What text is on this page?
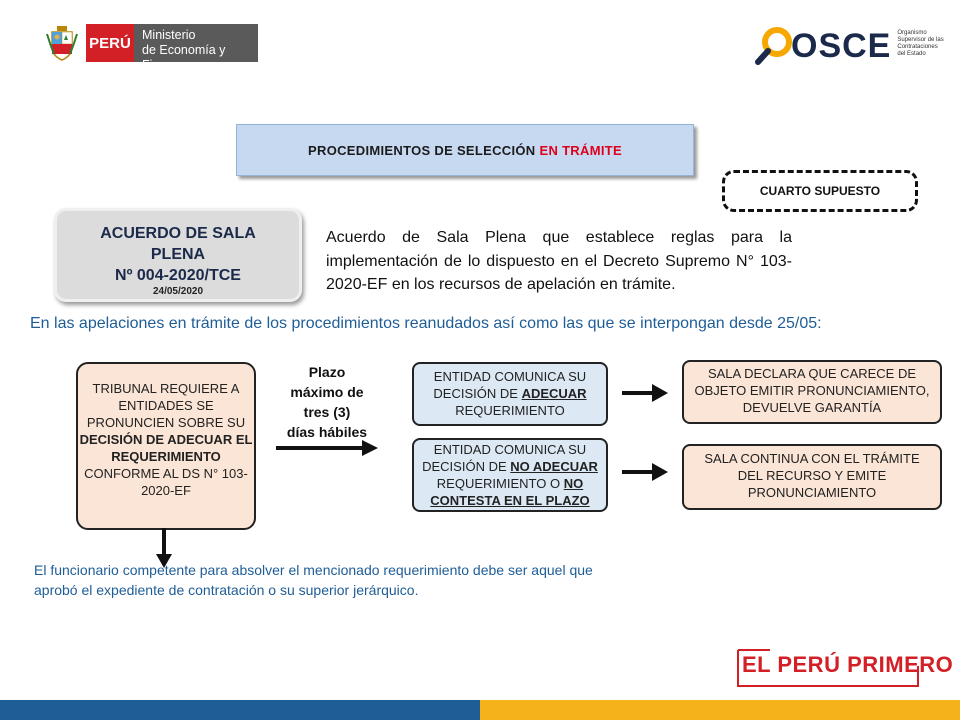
PERÚ Ministerio
de Economía y Finanzas	OSCE Organismo
Supervisor de las
Contrataciones
del Estado
PROCEDIMIENTOS DE SELECCIÓN EN TRÁMITE
CUARTO SUPUESTO
ACUERDO DE SALA
PLENA
Nº 004-2020/TCE
24/05/2020
Acuerdo de Sala Plena que establece reglas para la implementación de lo dispuesto en el Decreto Supremo N° 103-2020-EF en los recursos de apelación en trámite.
En las apelaciones en trámite de los procedimientos reanudados así como las que se interpongan desde 25/05:
TRIBUNAL REQUIERE A ENTIDADES SE PRONUNCIEN SOBRE SU DECISIÓN DE ADECUAR EL REQUERIMIENTO CONFORME AL DS N° 103-2020-EF
Plazo
máximo de
tres (3)
días hábiles
ENTIDAD COMUNICA SU DECISIÓN DE ADECUAR REQUERIMIENTO
ENTIDAD COMUNICA SU DECISIÓN DE NO ADECUAR REQUERIMIENTO O NO CONTESTA EN EL PLAZO
SALA DECLARA QUE CARECE DE OBJETO EMITIR PRONUNCIAMIENTO, DEVUELVE GARANTÍA
SALA CONTINUA CON EL TRÁMITE DEL RECURSO Y EMITE PRONUNCIAMIENTO
El funcionario competente para absolver el mencionado requerimiento debe ser aquel que aprobó el expediente de contratación o su superior jerárquico.
EL PERÚ PRIMERO
